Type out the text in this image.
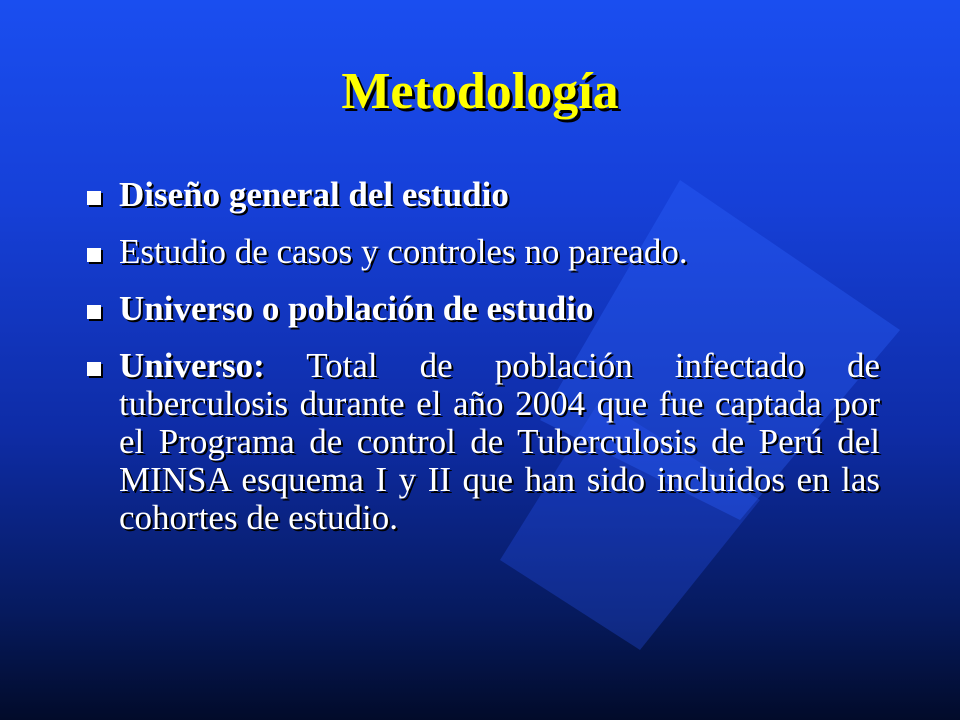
Metodología
Diseño general del estudio
Estudio de casos y controles no pareado.
Universo o población de estudio
Universo: Total de población infectado de tuberculosis durante el año 2004 que fue captada por el Programa de control de Tuberculosis de Perú del MINSA esquema I y II que han sido incluidos en las cohortes de estudio.
